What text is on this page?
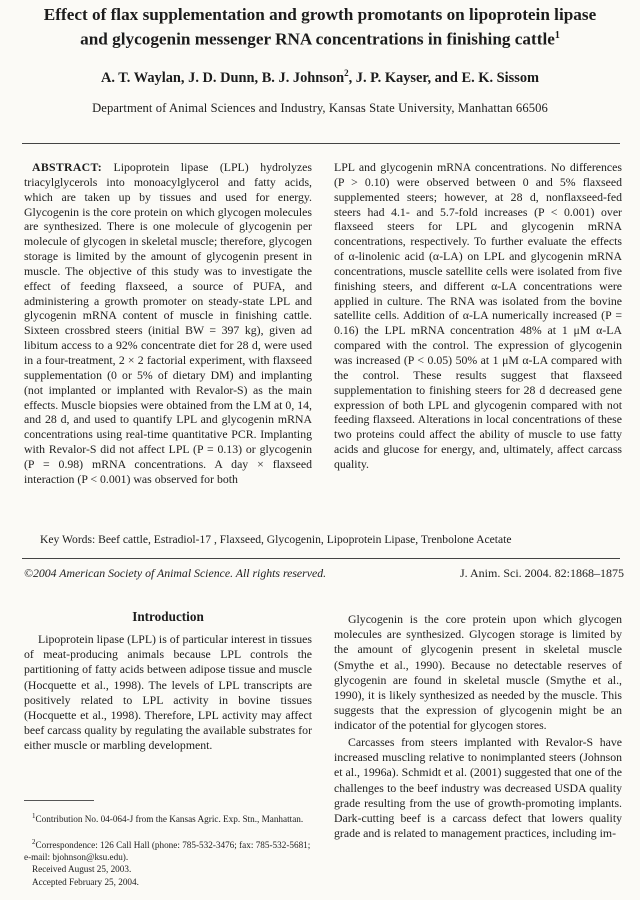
Effect of flax supplementation and growth promotants on lipoprotein lipase
and glycogenin messenger RNA concentrations in finishing cattle$^1$
A. T. Waylan, J. D. Dunn, B. J. Johnson$^2$, J. P. Kayser, and E. K. Sissom
Department of Animal Sciences and Industry, Kansas State University, Manhattan 66506

ABSTRACT: Lipoprotein lipase (LPL) hydrolyzes triacylglycerols into monoacylglycerol and fatty acids, which are taken up by tissues and used for energy. Glycogenin is the core protein on which glycogen molecules are synthesized. There is one molecule of glycogenin per molecule of glycogen in skeletal muscle; therefore, glycogen storage is limited by the amount of glycogenin present in muscle. The objective of this study was to investigate the effect of feeding flaxseed, a source of PUFA, and administering a growth promoter on steady-state LPL and glycogenin mRNA content of muscle in finishing cattle. Sixteen crossbred steers (initial BW = 397 kg), given ad libitum access to a 92% concentrate diet for 28 d, were used in a four-treatment, 2 × 2 factorial experiment, with flaxseed supplementation (0 or 5% of dietary DM) and implanting (not implanted or implanted with Revalor-S) as the main effects. Muscle biopsies were obtained from the LM at 0, 14, and 28 d, and used to quantify LPL and glycogenin mRNA concentrations using real-time quantitative PCR. Implanting with Revalor-S did not affect LPL (P = 0.13) or glycogenin (P = 0.98) mRNA concentrations. A day × flaxseed interaction (P < 0.001) was observed for both

LPL and glycogenin mRNA concentrations. No differences (P > 0.10) were observed between 0 and 5% flaxseed supplemented steers; however, at 28 d, nonflaxseed-fed steers had 4.1- and 5.7-fold increases (P < 0.001) over flaxseed steers for LPL and glycogenin mRNA concentrations, respectively. To further evaluate the effects of α-linolenic acid (α-LA) on LPL and glycogenin mRNA concentrations, muscle satellite cells were isolated from five finishing steers, and different α-LA concentrations were applied in culture. The RNA was isolated from the bovine satellite cells. Addition of α-LA numerically increased (P = 0.16) the LPL mRNA concentration 48% at 1 μM α-LA compared with the control. The expression of glycogenin was increased (P < 0.05) 50% at 1 μM α-LA compared with the control. These results suggest that flaxseed supplementation to finishing steers for 28 d decreased gene expression of both LPL and glycogenin compared with not feeding flaxseed. Alterations in local concentrations of these two proteins could affect the ability of muscle to use fatty acids and glucose for energy, and, ultimately, affect carcass quality.

Key Words: Beef cattle, Estradiol-17 , Flaxseed, Glycogenin, Lipoprotein Lipase, Trenbolone Acetate
©2004 American Society of Animal Science. All rights reserved.	J. Anim. Sci. 2004. 82:1868–1875
Introduction

Lipoprotein lipase (LPL) is of particular interest in tissues of meat-producing animals because LPL controls the partitioning of fatty acids between adipose tissue and muscle (Hocquette et al., 1998). The levels of LPL transcripts are positively related to LPL activity in bovine tissues (Hocquette et al., 1998). Therefore, LPL activity may affect beef carcass quality by regulating the available substrates for either muscle or marbling development.

Glycogenin is the core protein upon which glycogen molecules are synthesized. Glycogen storage is limited by the amount of glycogenin present in skeletal muscle (Smythe et al., 1990). Because no detectable reserves of glycogenin are found in skeletal muscle (Smythe et al., 1990), it is likely synthesized as needed by the muscle. This suggests that the expression of glycogenin might be an indicator of the potential for glycogen stores.

Carcasses from steers implanted with Revalor-S have increased muscling relative to nonimplanted steers (Johnson et al., 1996a). Schmidt et al. (2001) suggested that one of the challenges to the beef industry was decreased USDA quality grade resulting from the use of growth-promoting implants. Dark-cutting beef is a carcass defect that lowers quality grade and is related to management practices, including im-

$^1$Contribution No. 04-064-J from the Kansas Agric. Exp. Stn., Manhattan.

$^2$Correspondence: 126 Call Hall (phone: 785-532-3476; fax: 785-532-5681; e-mail: bjohnson@ksu.edu).

Received August 25, 2003.

Accepted February 25, 2004.
